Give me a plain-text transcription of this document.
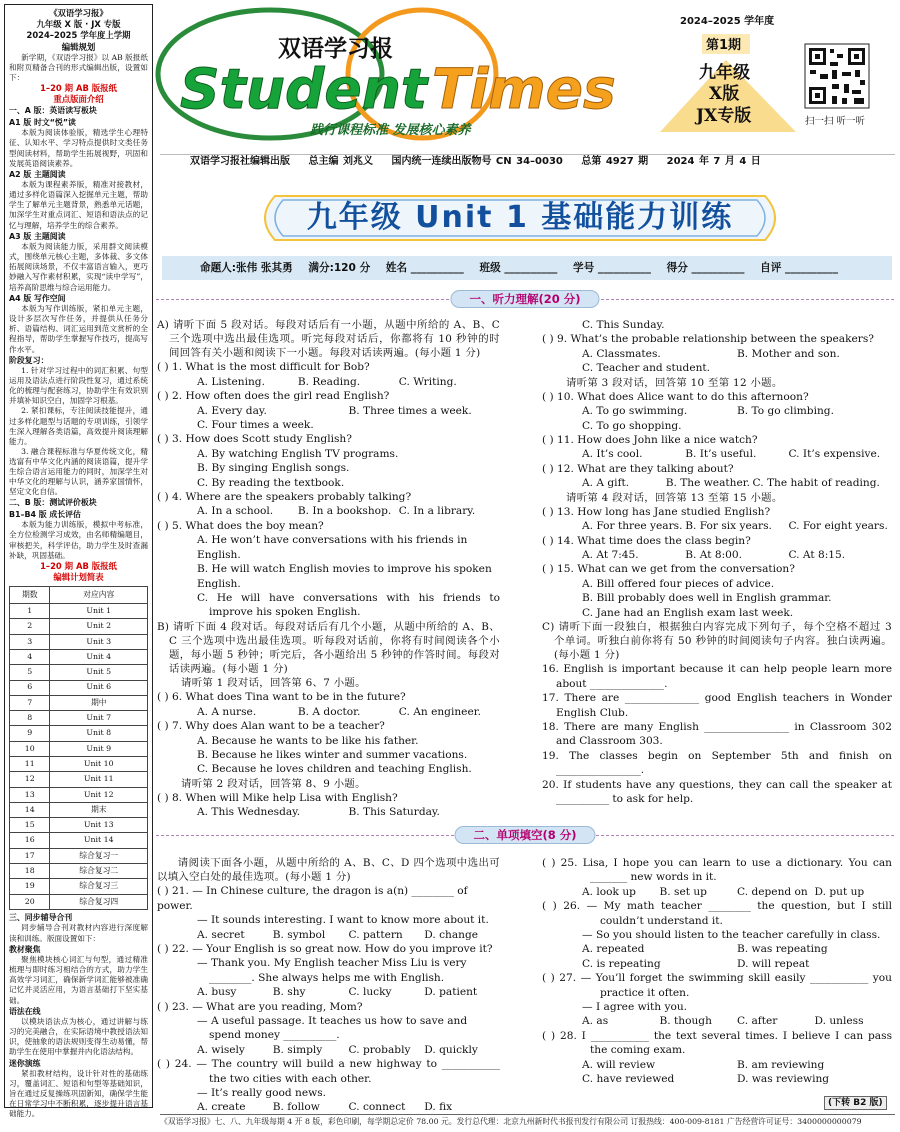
《双语学习报》
九年级 X 版 · JX 专版
2024–2025 学年度上学期
编辑规划

新学期，《双语学习报》以 AB 版报纸和附页精备合刊的形式编辑出版，设置如下：

1–20 期 AB 版报纸
重点版面介绍
一、A 版：英语读写板块
A1 版 时文“悦”读

本版为阅读体验版，精选学生心理特征、认知水平、学习特点提供时文类任务型阅读材料，帮助学生拓展视野，巩固和发展英语阅读素养。

A2 版 主题阅读

本版为课程素养版，精准对接教材，通过多样化语篇深入挖掘单元主题，帮助学生了解单元主题背景，熟悉单元话题，加深学生对重点词汇、短语和语法点的记忆与理解，培养学生的综合素养。

A3 版 主题阅读

本版为阅读能力版，采用群文阅读模式，围绕单元核心主题，多体裁、多文体拓展阅读场景，不仅丰富语言输入，更巧妙融入写作素材积累，实现“读中学写”，培养高阶思维与综合运用能力。

A4 版 写作空间

本版为写作训练版，紧扣单元主题，设计多层次写作任务，并提供从任务分析、语篇结构、词汇运用到范文赏析的全程指导，帮助学生掌握写作技巧，提高写作水平。

阶段复习：

1. 针对学习过程中的词汇积累、句型运用及语法点进行阶段性复习，通过系统化的梳理与配套练习，协助学生有效识别并填补知识空白，加固学习根基。

2. 紧扣课标，专注阅读技能提升，通过多样化题型与话题的专项训练，引领学生深入理解各类语篇，高效提升阅读理解能力。

3. 融合课程标准与华夏传统文化，精选富有中华文化内涵的阅读语篇，提升学生综合语言运用能力的同时，加深学生对中华文化的理解与认识，涵养家国情怀，坚定文化自信。

二、B 版：测试评价板块
B1–B4 版 成长评估

本版为能力训练版，模拟中考标准，全方位检测学习成效，由名师精编题目，审核把关，科学评估，助力学生及时查漏补缺，巩固基础。

1–20 期 AB 版报纸
编辑计划简表
期数	对应内容
1	Unit 1
2	Unit 2
3	Unit 3
4	Unit 4
5	Unit 5
6	Unit 6
7	期中
8	Unit 7
9	Unit 8
10	Unit 9
11	Unit 10
12	Unit 11
13	Unit 12
14	期末
15	Unit 13
16	Unit 14
17	综合复习一
18	综合复习二
19	综合复习三
20	综合复习四
三、同步辅导合刊

同步辅导合刊对教材内容进行深度解读和训练。版面设置如下：

教材聚焦

聚焦模块核心词汇与句型，通过精准梳理与即时练习相结合的方式，助力学生高效学习词汇，确保新学词汇能够被准确记忆并灵活应用，为语言基础打下坚实基础。

语法在线

以模块语法点为核心，通过讲解与练习的完美融合，在实际语境中教授语法知识，使抽象的语法规则变得生动易懂，帮助学生在使用中掌握并内化语法结构。

迷你演练

紧扣教材结构，设计针对性的基础练习，覆盖词汇、短语和句型等基础知识，旨在通过反复操练巩固新知，确保学生能在日常学习中不断积累，逐步提升语言基础能力。

双语学习报
Student Times
践行课程标准 发展核心素养
2024–2025 学年度
第1期
九年级
X版
JX专版	扫一扫 听一听
双语学习报社编辑出版 总主编 刘兆义 国内统一连续出版物号 CN 34–0030 总第 4927 期 2024 年 7 月 4 日
九年级 Unit 1 基础能力训练
命题人:张伟 张其勇 满分:120 分 姓名 __________ 班级 __________ 学号 __________ 得分 __________ 自评 __________
一、听力理解(20 分)
A) 请听下面 5 段对话。每段对话后有一小题，从题中所给的 A、B、C 三个选项中选出最佳选项。听完每段对话后，你都将有 10 秒钟的时间回答有关小题和阅读下一小题。每段对话读两遍。(每小题 1 分)
( ) 1. What is the most difficult for Bob?
A. Listening.	B. Reading.	C. Writing.
( ) 2. How often does the girl read English?
A. Every day.	B. Three times a week.
C. Four times a week.
( ) 3. How does Scott study English?
A. By watching English TV programs.
B. By singing English songs.
C. By reading the textbook.
( ) 4. Where are the speakers probably talking?
A. In a school.	B. In a bookshop. C. In a library.
( ) 5. What does the boy mean?
A. He won’t have conversations with his friends in English.
B. He will watch English movies to improve his spoken English.
C. He will have conversations with his friends to improve his spoken English.
B) 请听下面 4 段对话。每段对话后有几个小题，从题中所给的 A、B、C 三个选项中选出最佳选项。听每段对话前，你将有时间阅读各个小题，每小题 5 秒钟；听完后，各小题给出 5 秒钟的作答时间。每段对话读两遍。(每小题 1 分)
请听第 1 段对话，回答第 6、7 小题。
( ) 6. What does Tina want to be in the future?
A. A nurse.	B. A doctor.	C. An engineer.
( ) 7. Why does Alan want to be a teacher?
A. Because he wants to be like his father.
B. Because he likes winter and summer vacations.
C. Because he loves children and teaching English.
请听第 2 段对话，回答第 8、9 小题。
( ) 8. When will Mike help Lisa with English?
A. This Wednesday.	B. This Saturday.
C. This Sunday.
( ) 9. What’s the probable relationship between the speakers?
A. Classmates.	B. Mother and son.
C. Teacher and student.
请听第 3 段对话，回答第 10 至第 12 小题。
( ) 10. What does Alice want to do this afternoon?
A. To go swimming.	B. To go climbing.
C. To go shopping.
( ) 11. How does John like a nice watch?
A. It’s cool.	B. It’s useful.	C. It’s expensive.
( ) 12. What are they talking about?
A. A gift.	B. The weather. C. The habit of reading.
请听第 4 段对话，回答第 13 至第 15 小题。
( ) 13. How long has Jane studied English?
A. For three years. B. For six years.	C. For eight years.
( ) 14. What time does the class begin?
A. At 7:45.	B. At 8:00.	C. At 8:15.
( ) 15. What can we get from the conversation?
A. Bill offered four pieces of advice.
B. Bill probably does well in English grammar.
C. Jane had an English exam last week.
C) 请听下面一段独白，根据独白内容完成下列句子，每个空格不超过 3 个单词。听独白前你将有 50 秒钟的时间阅读句子内容。独白读两遍。(每小题 1 分)
16. English is important because it can help people learn more about ______________.
17. There are ______________ good English teachers in Wonder English Club.
18. There are many English ________________ in Classroom 302 and Classroom 303.
19. The classes begin on September 5th and finish on ________________.
20. If students have any questions, they can call the speaker at __________ to ask for help.
二、单项填空(8 分)
请阅读下面各小题，从题中所给的 A、B、C、D 四个选项中选出可以填入空白处的最佳选项。(每小题 1 分)
( ) 21. — In Chinese culture, the dragon is a(n) ________ of power.
— It sounds interesting. I want to know more about it.
A. secret	B. symbol	C. pattern	D. change
( ) 22. — Your English is so great now. How do you improve it?
— Thank you. My English teacher Miss Liu is very ________. She always helps me with English.
A. busy	B. shy	C. lucky	D. patient
( ) 23. — What are you reading, Mom?
— A useful passage. It teaches us how to save and spend money __________.
A. wisely	B. simply	C. probably	D. quickly
( ) 24. — The country will build a new highway to ___________ the two cities with each other.
— It’s really good news.
A. create	B. follow	C. connect	D. fix
( ) 25. Lisa, I hope you can learn to use a dictionary. You can _______ new words in it.
A. look up	B. set up	C. depend on D. put up
( ) 26. — My math teacher ________ the question, but I still couldn’t understand it.
— So you should listen to the teacher carefully in class.
A. repeated	B. was repeating
C. is repeating	D. will repeat
( ) 27. — You’ll forget the swimming skill easily ___________ you practice it often.
— I agree with you.
A. as	B. though	C. after	D. unless
( ) 28. I ___________ the text several times. I believe I can pass the coming exam.
A. will review	B. am reviewing
C. have reviewed	D. was reviewing
(下转 B2 版)
《双语学习报》七、八、九年级每期 4 开 8 版，彩色印刷，每学期总定价 78.00 元。发行总代理：北京九州新时代书报刊发行有限公司 订报热线：400-009-8181 广告经营许可证号：3400000000079
